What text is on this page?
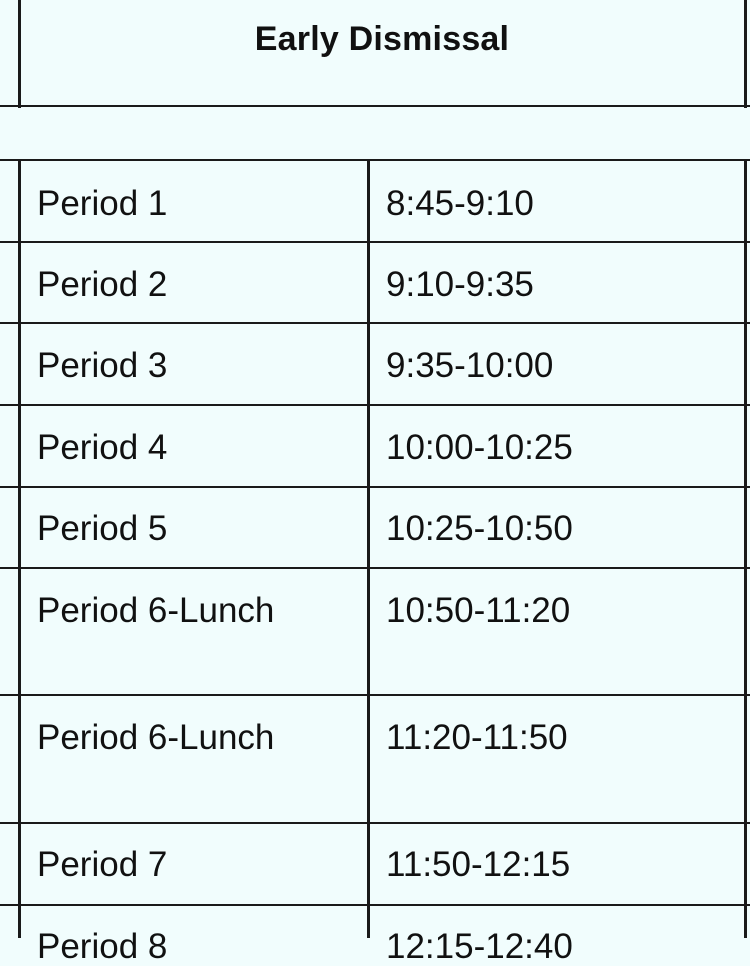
Early Dismissal
Period 1	8:45-9:10
Period 2	9:10-9:35
Period 3	9:35-10:00
Period 4	10:00-10:25
Period 5	10:25-10:50
Period 6-Lunch	10:50-11:20
Period 6-Lunch	11:20-11:50
Period 7	11:50-12:15
Period 8	12:15-12:40
